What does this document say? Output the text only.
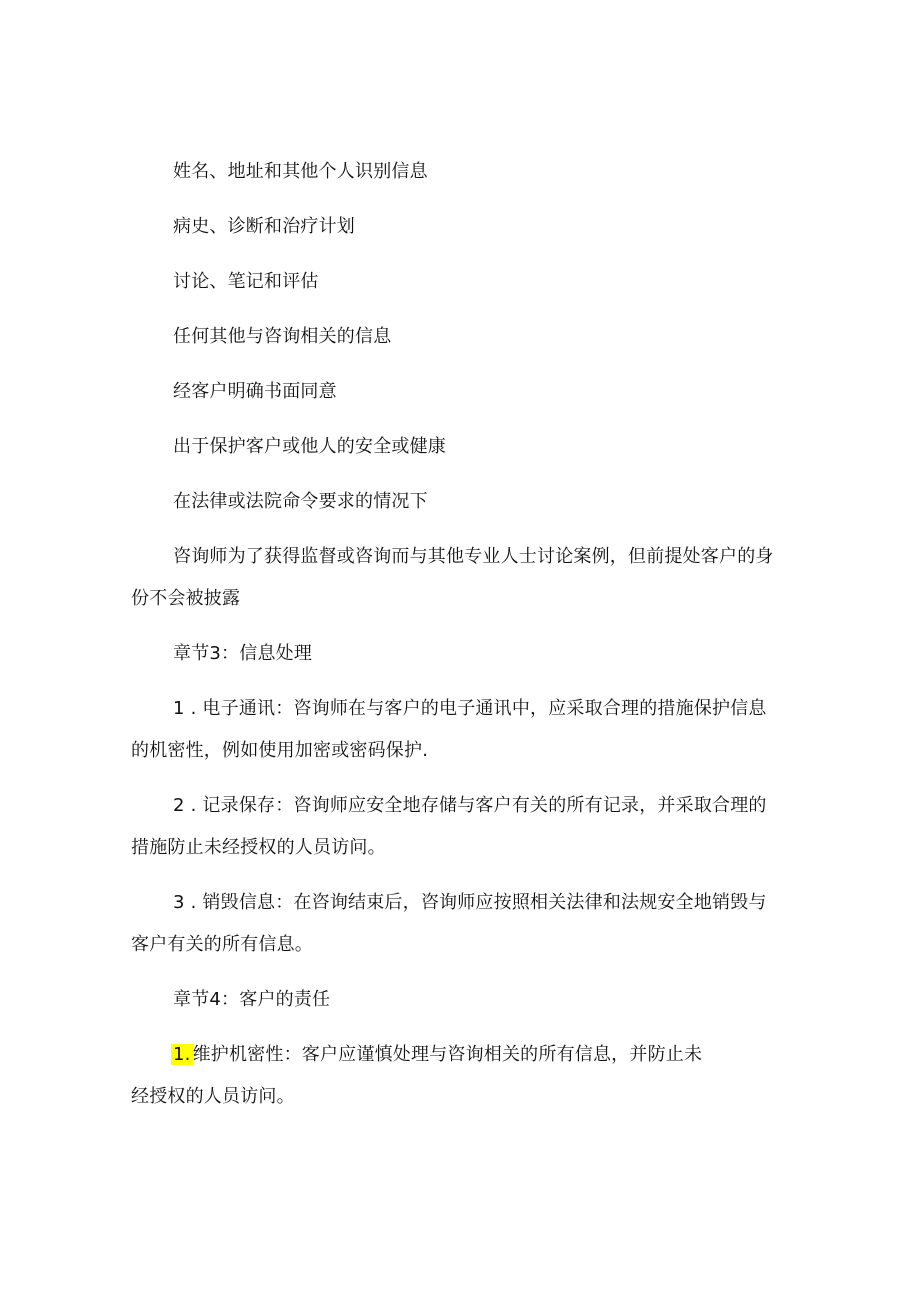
姓名、地址和其他个人识别信息
病史、诊断和治疗计划
讨论、笔记和评估
任何其他与咨询相关的信息
经客户明确书面同意
出于保护客户或他人的安全或健康
在法律或法院命令要求的情况下
咨询师为了获得监督或咨询而与其他专业人士讨论案例，但前提处客户的身
份不会被披露
章节3：信息处理
1 . 电子通讯：咨询师在与客户的电子通讯中，应采取合理的措施保护信息
的机密性，例如使用加密或密码保护.
2 . 记录保存：咨询师应安全地存储与客户有关的所有记录，并采取合理的
措施防止未经授权的人员访问。
3 . 销毁信息：在咨询结束后，咨询师应按照相关法律和法规安全地销毁与
客户有关的所有信息。
章节4：客户的责任
1. 维护机密性：客户应谨慎处理与咨询相关的所有信息，并防止未
经授权的人员访问。
